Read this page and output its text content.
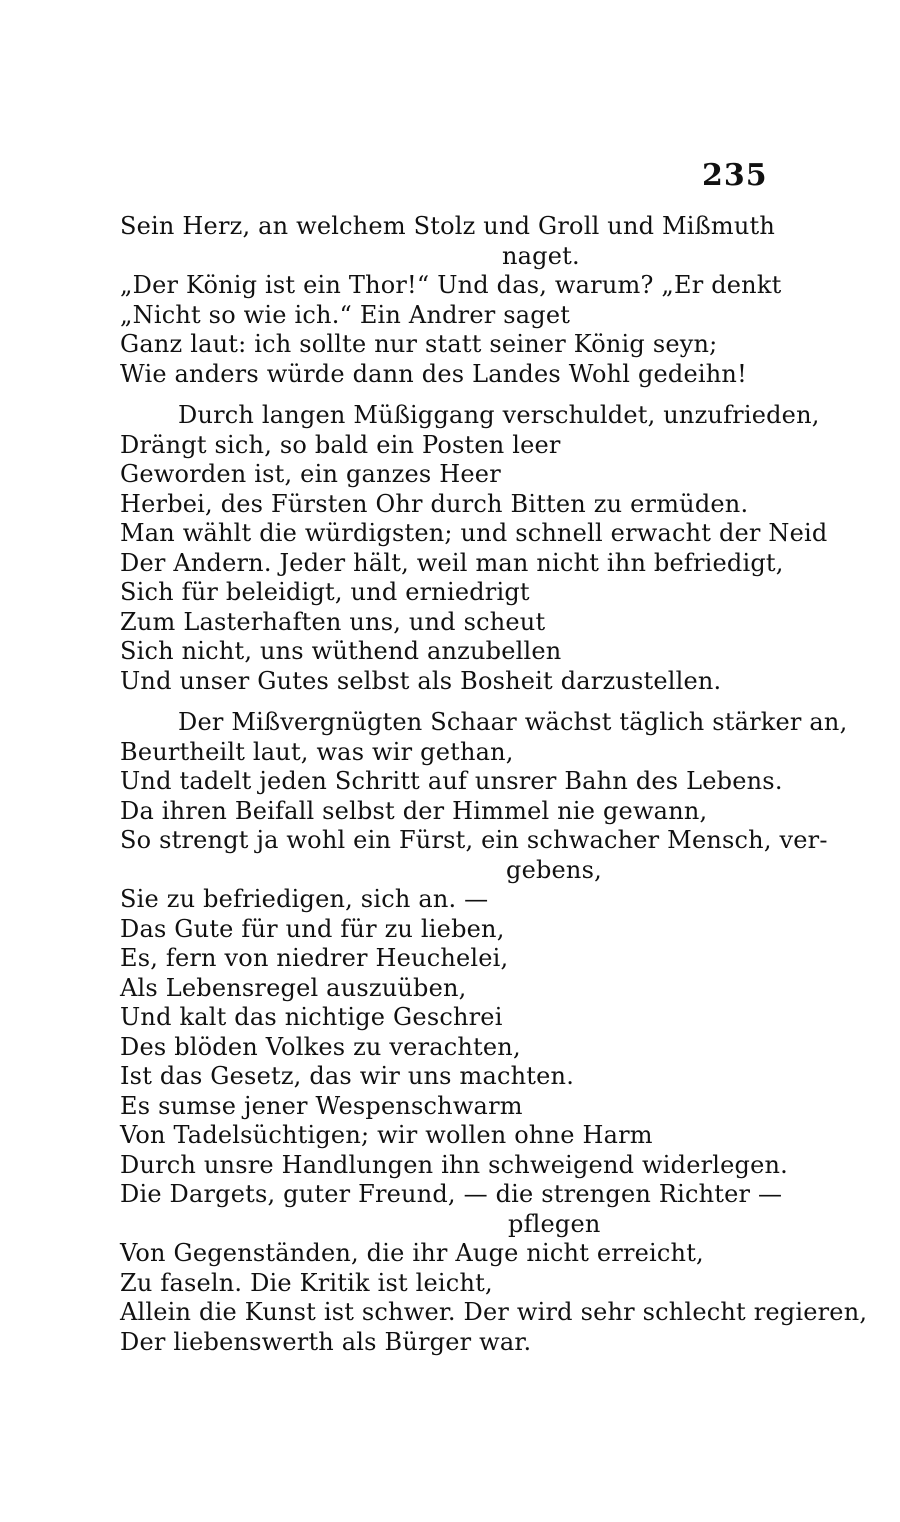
235
Sein Herz, an welchem Stolz und Groll und Mißmuth
naget.
„Der König ist ein Thor!“ Und das, warum? „Er denkt
„Nicht so wie ich.“ Ein Andrer saget
Ganz laut: ich sollte nur statt seiner König seyn;
Wie anders würde dann des Landes Wohl gedeihn!
Durch langen Müßiggang verschuldet, unzufrieden,
Drängt sich, so bald ein Posten leer
Geworden ist, ein ganzes Heer
Herbei, des Fürsten Ohr durch Bitten zu ermüden.
Man wählt die würdigsten; und schnell erwacht der Neid
Der Andern. Jeder hält, weil man nicht ihn befriedigt,
Sich für beleidigt, und erniedrigt
Zum Lasterhaften uns, und scheut
Sich nicht, uns wüthend anzubellen
Und unser Gutes selbst als Bosheit darzustellen.
Der Mißvergnügten Schaar wächst täglich stärker an,
Beurtheilt laut, was wir gethan,
Und tadelt jeden Schritt auf unsrer Bahn des Lebens.
Da ihren Beifall selbst der Himmel nie gewann,
So strengt ja wohl ein Fürst, ein schwacher Mensch, ver-
gebens,
Sie zu befriedigen, sich an. —
Das Gute für und für zu lieben,
Es, fern von niedrer Heuchelei,
Als Lebensregel auszuüben,
Und kalt das nichtige Geschrei
Des blöden Volkes zu verachten,
Ist das Gesetz, das wir uns machten.
Es sumse jener Wespenschwarm
Von Tadelsüchtigen; wir wollen ohne Harm
Durch unsre Handlungen ihn schweigend widerlegen.
Die Dargets, guter Freund, — die strengen Richter —
pflegen
Von Gegenständen, die ihr Auge nicht erreicht,
Zu faseln. Die Kritik ist leicht,
Allein die Kunst ist schwer. Der wird sehr schlecht regieren,
Der liebenswerth als Bürger war.
